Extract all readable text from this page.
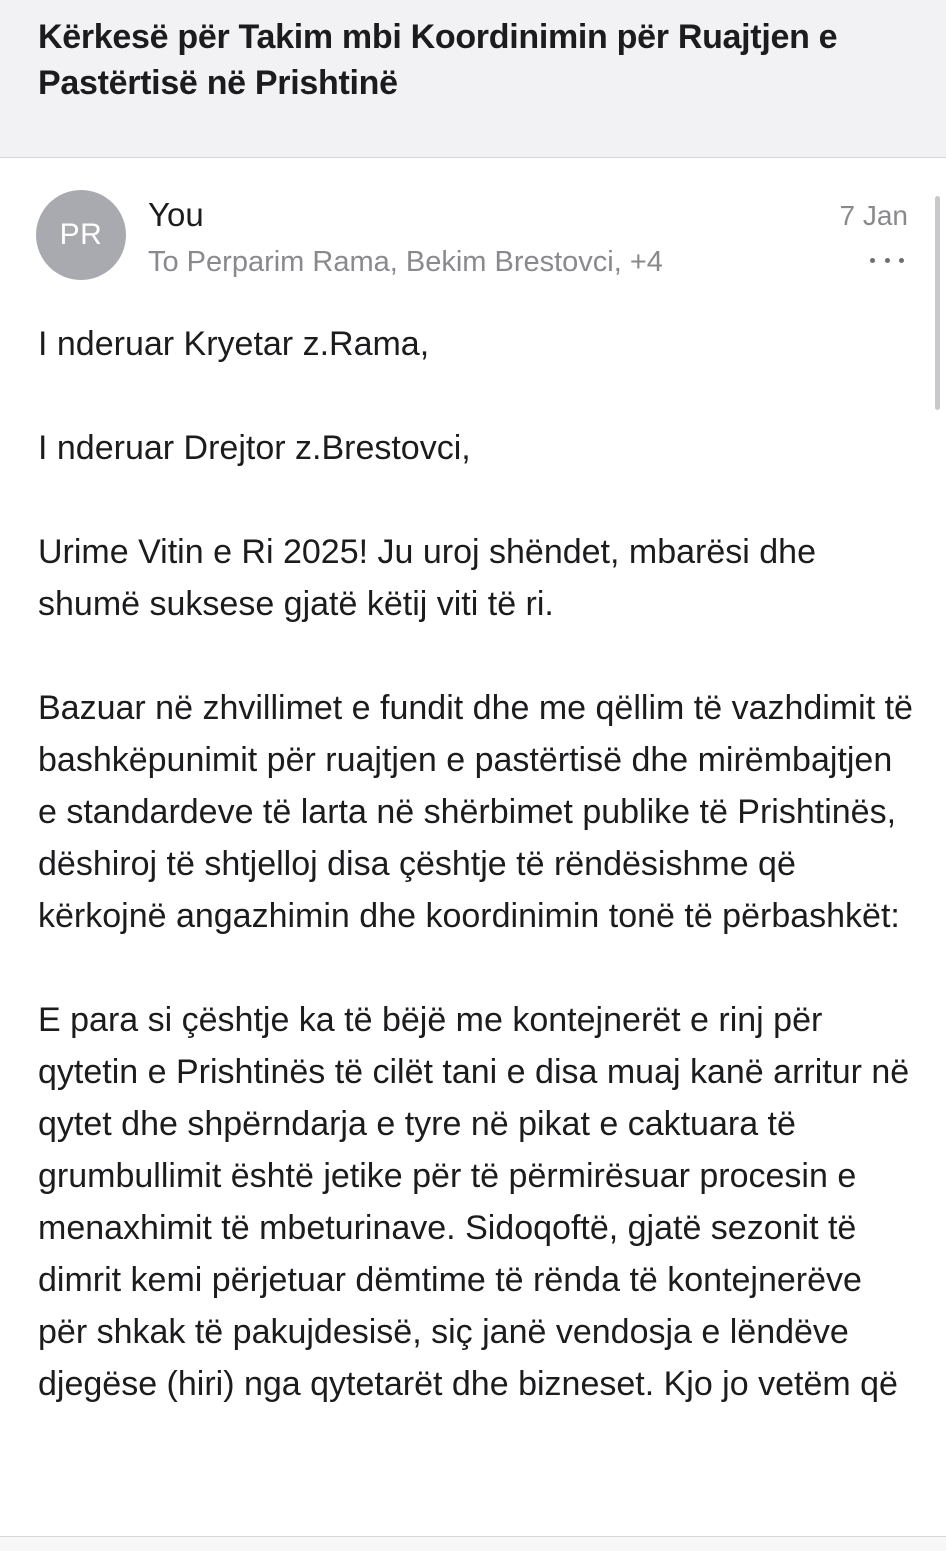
Kërkesë për Takim mbi Koordinimin për Ruajtjen e Pastërtisë në Prishtinë
PR
You
To Perparim Rama, Bekim Brestovci, +4
7 Jan

I nderuar Kryetar z.Rama,

I nderuar Drejtor z.Brestovci,

Urime Vitin e Ri 2025! Ju uroj shëndet, mbarësi dhe shumë suksese gjatë këtij viti të ri.

Bazuar në zhvillimet e fundit dhe me qëllim të vazhdimit të bashkëpunimit për ruajtjen e pastërtisë dhe mirëmbajtjen e standardeve të larta në shërbimet publike të Prishtinës, dëshiroj të shtjelloj disa çështje të rëndësishme që kërkojnë angazhimin dhe koordinimin tonë të përbashkët:

E para si çështje ka të bëjë me kontejnerët e rinj për qytetin e Prishtinës të cilët tani e disa muaj kanë arritur në qytet dhe shpërndarja e tyre në pikat e caktuara të grumbullimit është jetike për të përmirësuar procesin e menaxhimit të mbeturinave. Sidoqoftë, gjatë sezonit të dimrit kemi përjetuar dëmtime të rënda të kontejnerëve për shkak të pakujdesisë, siç janë vendosja e lëndëve djegëse (hiri) nga qytetarët dhe bizneset. Kjo jo vetëm që
